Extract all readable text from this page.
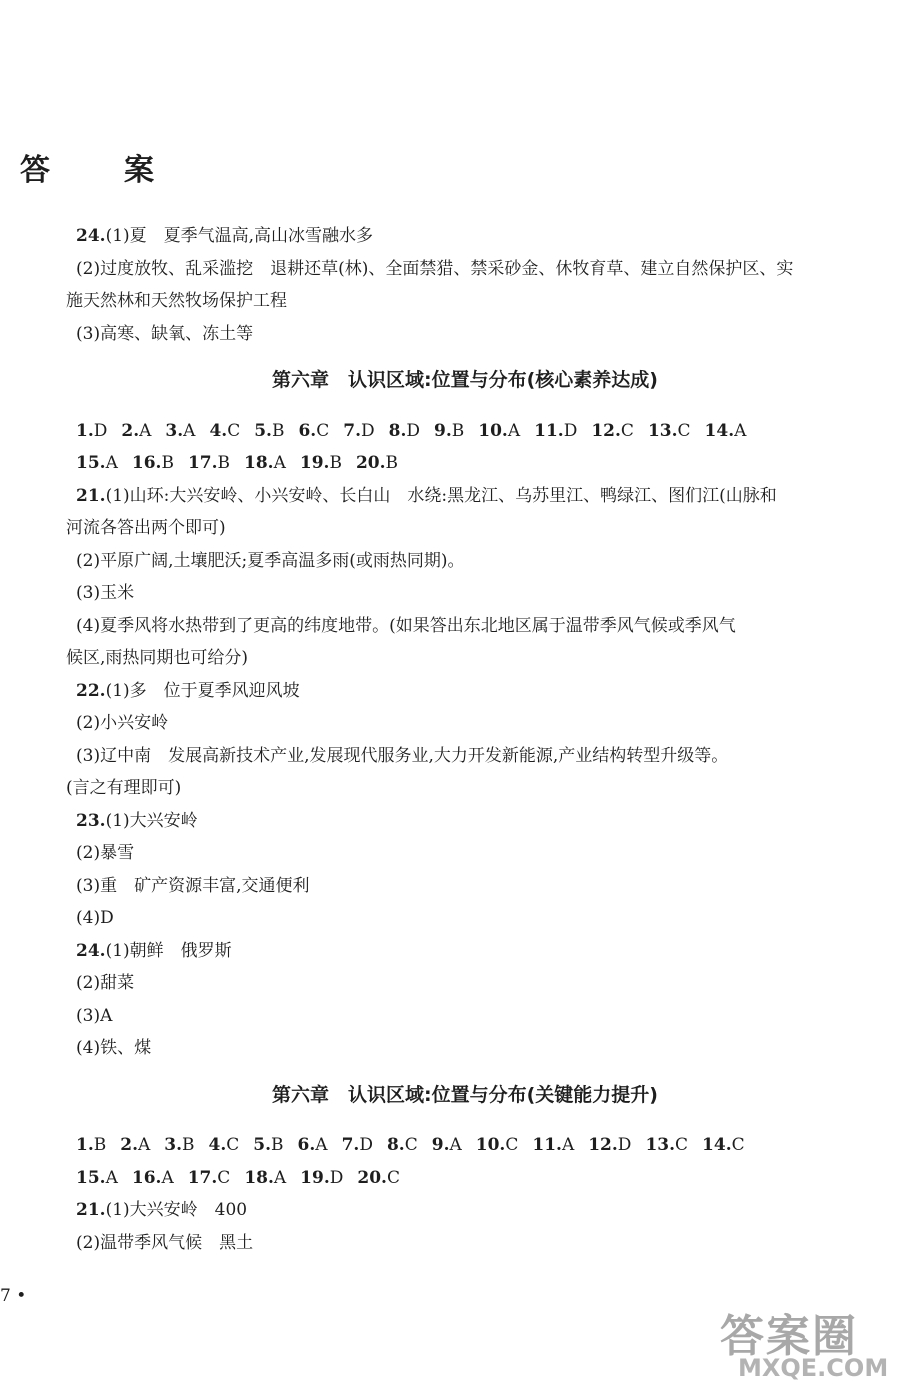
答　案

24.(1)夏　夏季气温高,高山冰雪融水多

(2)过度放牧、乱采滥挖　退耕还草(林)、全面禁猎、禁采砂金、休牧育草、建立自然保护区、实

施天然林和天然牧场保护工程

(3)高寒、缺氧、冻土等

第六章　认识区域:位置与分布(核心素养达成)
1.D 2.A 3.A 4.C 5.B 6.C 7.D 8.D 9.B 10.A 11.D 12.C 13.C 14.A
15.A 16.B 17.B 18.A 19.B 20.B

21.(1)山环:大兴安岭、小兴安岭、长白山　水绕:黑龙江、乌苏里江、鸭绿江、图们江(山脉和

河流各答出两个即可)

(2)平原广阔,土壤肥沃;夏季高温多雨(或雨热同期)。

(3)玉米

(4)夏季风将水热带到了更高的纬度地带。(如果答出东北地区属于温带季风气候或季风气

候区,雨热同期也可给分)

22.(1)多　位于夏季风迎风坡

(2)小兴安岭

(3)辽中南　发展高新技术产业,发展现代服务业,大力开发新能源,产业结构转型升级等。

(言之有理即可)

23.(1)大兴安岭

(2)暴雪

(3)重　矿产资源丰富,交通便利

(4)D

24.(1)朝鲜　俄罗斯

(2)甜菜

(3)A

(4)铁、煤

第六章　认识区域:位置与分布(关键能力提升)
1.B 2.A 3.B 4.C 5.B 6.A 7.D 8.C 9.A 10.C 11.A 12.D 13.C 14.C
15.A 16.A 17.C 18.A 19.D 20.C

21.(1)大兴安岭　400

(2)温带季风气候　黑土

7 •
答案圈
MXQE.COM
